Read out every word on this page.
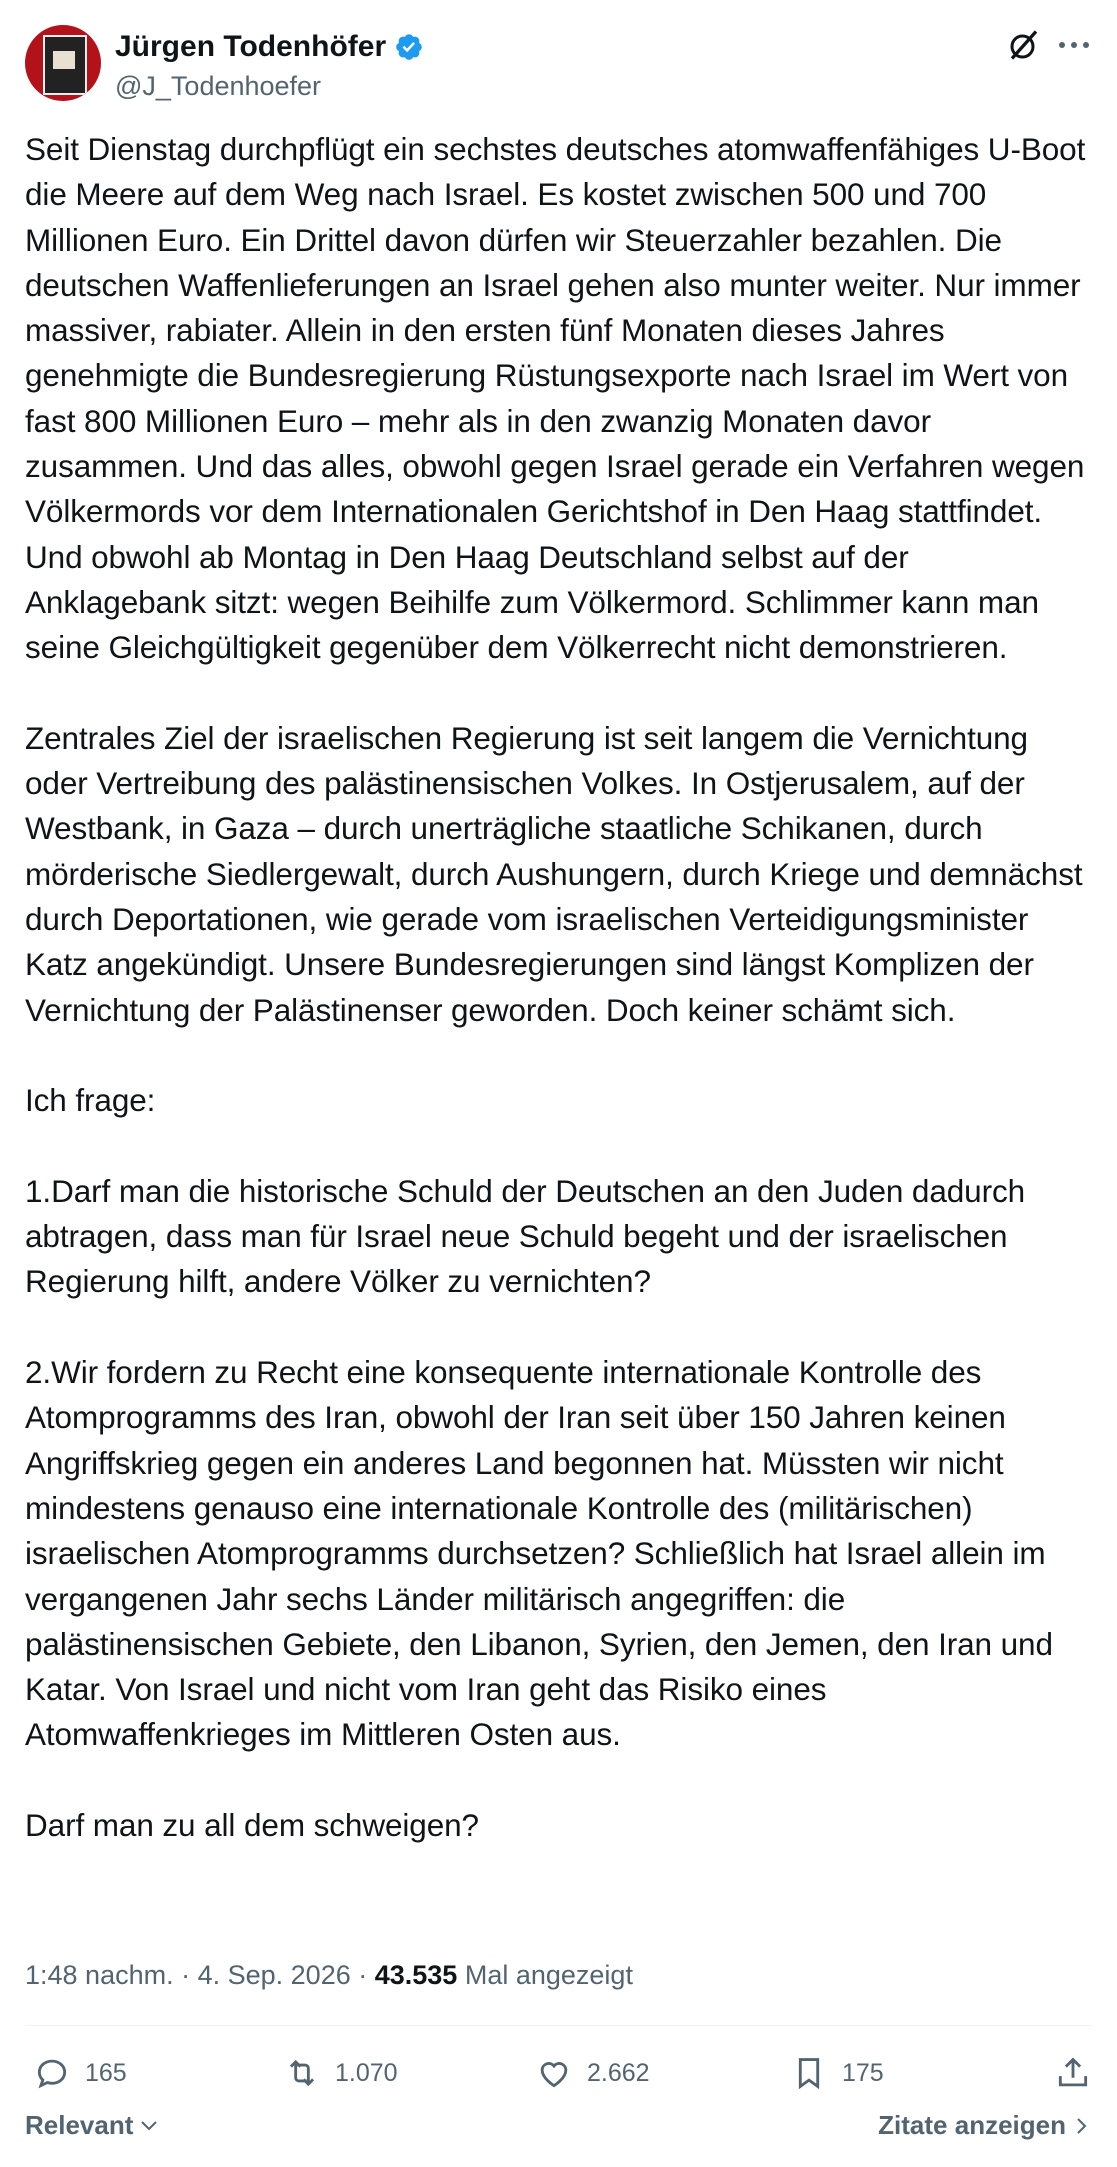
Jürgen Todenhöfer
@J_Todenhoefer
Seit Dienstag durchpflügt ein sechstes deutsches atomwaffenfähiges U-Boot die Meere auf dem Weg nach Israel. Es kostet zwischen 500 und 700 Millionen Euro. Ein Drittel davon dürfen wir Steuerzahler bezahlen. Die deutschen Waffenlieferungen an Israel gehen also munter weiter. Nur immer massiver, rabiater. Allein in den ersten fünf Monaten dieses Jahres genehmigte die Bundesregierung Rüstungsexporte nach Israel im Wert von fast 800 Millionen Euro – mehr als in den zwanzig Monaten davor zusammen. Und das alles, obwohl gegen Israel gerade ein Verfahren wegen Völkermords vor dem Internationalen Gerichtshof in Den Haag stattfindet. Und obwohl ab Montag in Den Haag Deutschland selbst auf der Anklagebank sitzt: wegen Beihilfe zum Völkermord. Schlimmer kann man seine Gleichgültigkeit gegenüber dem Völkerrecht nicht demonstrieren.

Zentrales Ziel der israelischen Regierung ist seit langem die Vernichtung oder Vertreibung des palästinensischen Volkes. In Ostjerusalem, auf der Westbank, in Gaza – durch unerträgliche staatliche Schikanen, durch mörderische Siedlergewalt, durch Aushungern, durch Kriege und demnächst durch Deportationen, wie gerade vom israelischen Verteidigungsminister Katz angekündigt. Unsere Bundesregierungen sind längst Komplizen der Vernichtung der Palästinenser geworden. Doch keiner schämt sich.

Ich frage:

1.Darf man die historische Schuld der Deutschen an den Juden dadurch abtragen, dass man für Israel neue Schuld begeht und der israelischen Regierung hilft, andere Völker zu vernichten?

2.Wir fordern zu Recht eine konsequente internationale Kontrolle des Atomprogramms des Iran, obwohl der Iran seit über 150 Jahren keinen Angriffskrieg gegen ein anderes Land begonnen hat. Müssten wir nicht mindestens genauso eine internationale Kontrolle des (militärischen) israelischen Atomprogramms durchsetzen? Schließlich hat Israel allein im vergangenen Jahr sechs Länder militärisch angegriffen: die palästinensischen Gebiete, den Libanon, Syrien, den Jemen, den Iran und Katar. Von Israel und nicht vom Iran geht das Risiko eines Atomwaffenkrieges im Mittleren Osten aus.

Darf man zu all dem schweigen?
1:48 nachm. · 4. Sep. 2026 · 43.535 Mal angezeigt
165	1.070	2.662	175
Relevant	Zitate anzeigen
